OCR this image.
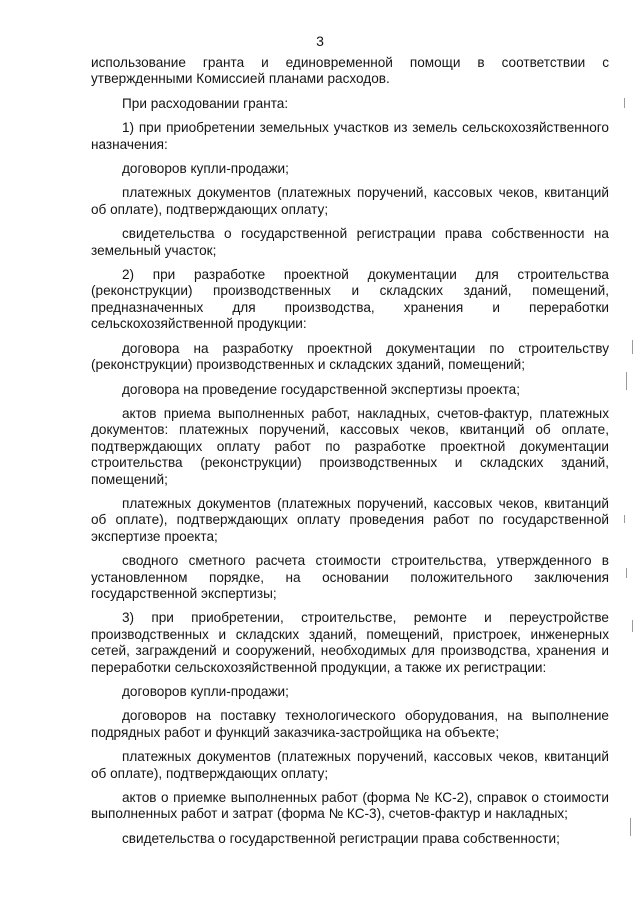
3

использование гранта и единовременной помощи в соответствии с утвержденными Комиссией планами расходов.

При расходовании гранта:

1) при приобретении земельных участков из земель сельскохозяйственного назначения:

договоров купли-продажи;

платежных документов (платежных поручений, кассовых чеков, квитанций об оплате), подтверждающих оплату;

свидетельства о государственной регистрации права собственности на земельный участок;

2) при разработке проектной документации для строительства (реконструкции) производственных и складских зданий, помещений, предназначенных для производства, хранения и переработки сельскохозяйственной продукции:

договора на разработку проектной документации по строительству (реконструкции) производственных и складских зданий, помещений;

договора на проведение государственной экспертизы проекта;

актов приема выполненных работ, накладных, счетов-фактур, платежных документов: платежных поручений, кассовых чеков, квитанций об оплате, подтверждающих оплату работ по разработке проектной документации строительства (реконструкции) производственных и складских зданий, помещений;

платежных документов (платежных поручений, кассовых чеков, квитанций об оплате), подтверждающих оплату проведения работ по государственной экспертизе проекта;

сводного сметного расчета стоимости строительства, утвержденного в установленном порядке, на основании положительного заключения государственной экспертизы;

3) при приобретении, строительстве, ремонте и переустройстве производственных и складских зданий, помещений, пристроек, инженерных сетей, заграждений и сооружений, необходимых для производства, хранения и переработки сельскохозяйственной продукции, а также их регистрации:

договоров купли-продажи;

договоров на поставку технологического оборудования, на выполнение подрядных работ и функций заказчика-застройщика на объекте;

платежных документов (платежных поручений, кассовых чеков, квитанций об оплате), подтверждающих оплату;

актов о приемке выполненных работ (форма № КС-2), справок о стоимости выполненных работ и затрат (форма № КС-3), счетов-фактур и накладных;

свидетельства о государственной регистрации права собственности;
